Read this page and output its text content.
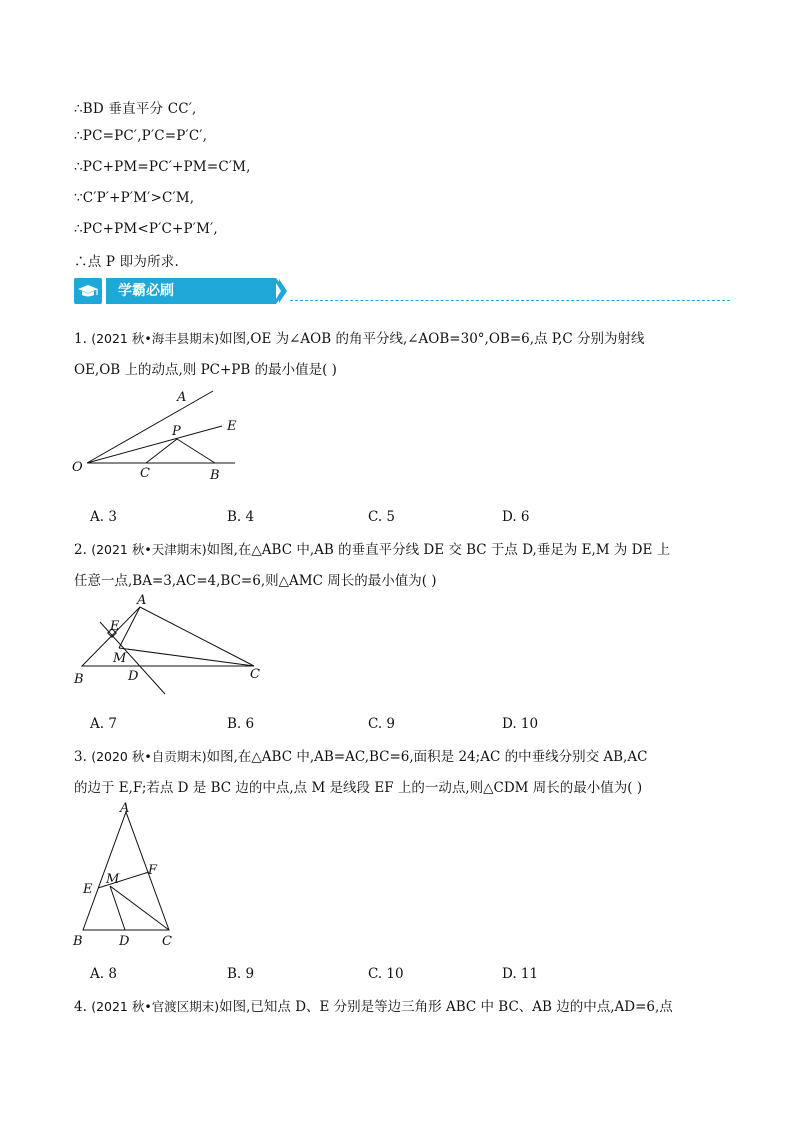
∴BD 垂直平分 CC′,
∴PC=PC′,P′C=P′C′,
∴PC+PM=PC′+PM=C′M,
∵C′P′+P′M′>C′M,
∴PC+PM<P′C+P′M′,
∴点 P 即为所求.
学霸必刷
1. (2021 秋•海丰县期末)如图,OE 为∠AOB 的角平分线,∠AOB=30°,OB=6,点 P,C 分别为射线
OE,OB 上的动点,则 PC+PB 的最小值是( )
A
E
P
O	C	B
A. 3	B. 4	C. 5	D. 6
2. (2021 秋•天津期末)如图,在△ABC 中,AB 的垂直平分线 DE 交 BC 于点 D,垂足为 E,M 为 DE 上
任意一点,BA=3,AC=4,BC=6,则△AMC 周长的最小值为( )
A
E
M
B	D	C
A. 7	B. 6	C. 9	D. 10
3. (2020 秋•自贡期末)如图,在△ABC 中,AB=AC,BC=6,面积是 24;AC 的中垂线分别交 AB,AC
的边于 E,F;若点 D 是 BC 边的中点,点 M 是线段 EF 上的一动点,则△CDM 周长的最小值为( )
A
F
M
E
B	D	C
A. 8	B. 9	C. 10	D. 11
4. (2021 秋•官渡区期末)如图,已知点 D、E 分别是等边三角形 ABC 中 BC、AB 边的中点,AD=6,点
